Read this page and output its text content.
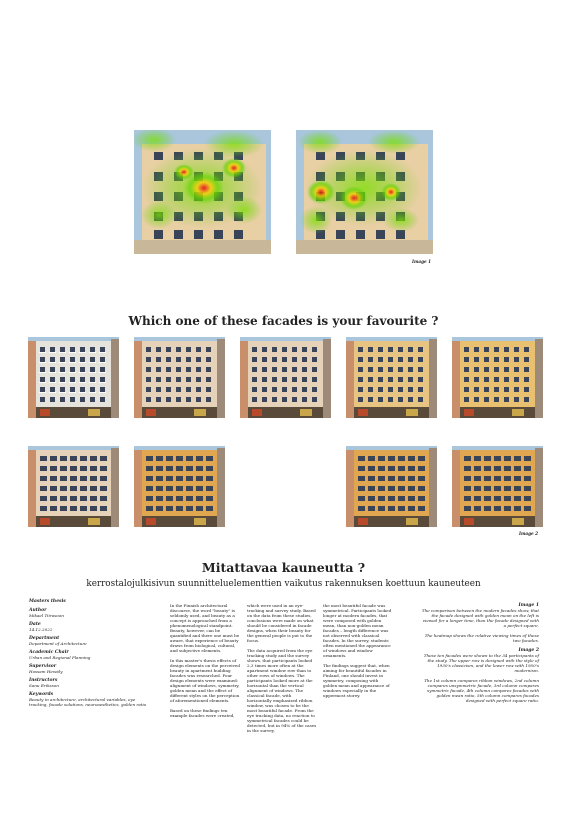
Image 1
Which one of these facades is your favourite ?
Image 2
Mitattavaa kauneutta ?
kerrostalojulkisivun suunnitteluelementtien vaikutus rakennuksen koettuun kauneuteen
Masters thesis
Author
Mikael Tiirasoon
Date
14.12.2022
Department
Department of Architecture
Academic Chair
Urban and Regional Planning
Supervisor
Hossam Hewidy
Instructors
Sanu Eriksson
Keywords
Beauty in architecture, architectural variables, eye tracking, facade solutions, neuroaesthetics, golden ratio

In the Finnish architectural discourse, the word "beauty" is seldomly used, and beauty as a concept is approached from a phenomenological standpoint. Beauty, however, can be quantified and there one must be aware, that experience of beauty draws from biological, cultural, and subjective elements.

In this master's thesis effects of design elements on the perceived beauty in apartment building facades was researched. Four design elements were examined: alignment of windows, symmetry, golden mean and the effect of different styles on the perception of aforementioned elements.

Based on these findings ten example facades were created,

which were used in an eye-tracking and survey study. Based on the data from these studies, conclusions were made on what should be considered in facade designs, when their beauty for the general people is put to the focus.

The data acquired from the eye tracking study and the survey shows, that participants looked 2,3 times more often at the apartment window row than to other rows of windows. The participants looked more at the horizontal than the vertical alignment of windows. The classical facade, with horizontally emphasized ribbon window, was chosen to be the most beautiful facade. From the eye tracking data, no reaction to symmetrical facades could be detected, but in 94% of the cases in the survey,

the most beautiful facade was symmetrical. Participants looked longer at modern facades, that were composed with golden mean, than non-golden mean facades – length difference was not observed with classical facades. In the survey, students often mentioned the appearance of windows and window ornaments.

The findings suggest that, when aiming for beautiful facades in Finland, one should invest in symmetry, composing with golden mean and appearance of windows especially in the uppermost storey.

Image 1

The comparison between the modern facades show, that the facade designed with golden mean on the left is viewed for a longer time, than the facade designed with a perfect square.

The heatmap shows the relative viewing times of these two facades.

Image 2

These ten facades were shown to the 34 participants of the study. The upper row is designed with the style of 1930's classicism, and the lower row with 1950's modernism.

The 1st column compares ribbon windows, 2nd column compares unsymmetric facade, 3rd column compares symmetric facade, 4th column compares facades with golden mean ratio, 5th column compares facades designed with perfect square ratio.
